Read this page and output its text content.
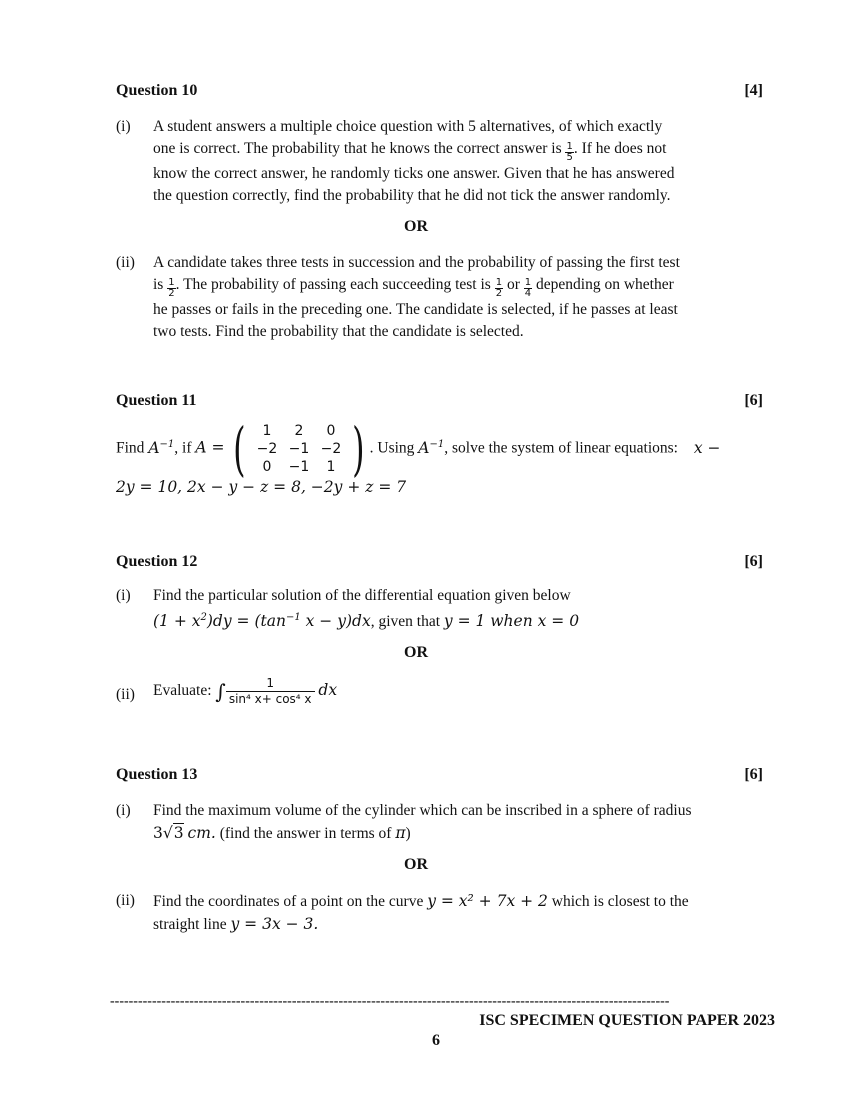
Question 10	[4]
(i) A student answers a multiple choice question with 5 alternatives, of which exactly
one is correct. The probability that he knows the correct answer is $\frac{1}{5}$ . If he does not
know the correct answer, he randomly ticks one answer. Given that he has answered
the question correctly, find the probability that he did not tick the answer randomly.
OR
(ii) A candidate takes three tests in succession and the probability of passing the first test
is $\frac{1}{2}$ . The probability of passing each succeeding test is $\frac{1}{2}$ or $\frac{1}{4}$ depending on whether
he passes or fails in the preceding one. The candidate is selected, if he passes at least
two tests. Find the probability that the candidate is selected.
Question 11	[6]
Find $A^{-1}$, if A = (	1	2	0
−2 −1 −2
0	−1	1 ) . Using $A^{-1}$, solve the system of linear equations: x −
2y = 10, 2x − y − z = 8, −2y + z = 7
Question 12	[6]
(i) Find the particular solution of the differential equation given below
$(1 + x^2)dy = (\tan^{-1}$ x − y)dx, given that y = 1 when x = 0
OR
(ii) Evaluate: ∫ $\frac{1}{\text{sin⁴ x+ cos⁴ x}}$ dx
Question 13	[6]
(i) Find the maximum volume of the cylinder which can be inscribed in a sphere of radius
3√3 cm. (find the answer in terms of π)
OR
(ii) Find the coordinates of a point on the curve y = x² + 7x + 2 which is closest to the
straight line y = 3x − 3.
------------------------------------------------------------------------------------------------------------------------
ISC SPECIMEN QUESTION PAPER 2023
6
